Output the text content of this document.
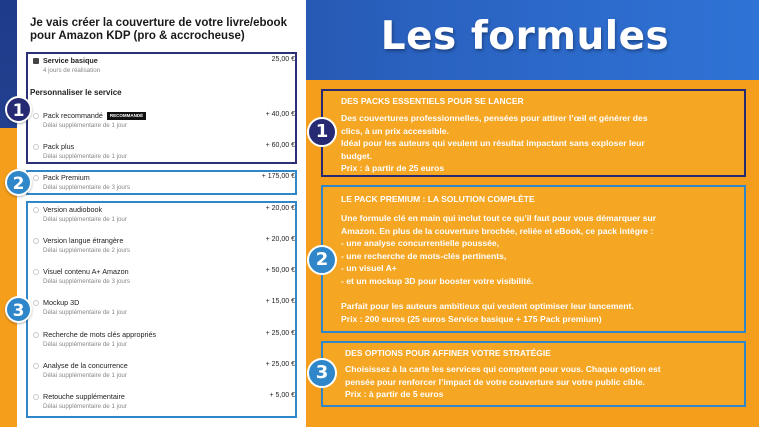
Les formules
Je vais créer la couverture de votre livre/ebook
pour Amazon KDP (pro & accrocheuse)
Service basique
4 jours de réalisation
25,00 €
Personnaliser le service
Pack recommandé RECOMMANDÉ
Délai supplémentaire de 1 jour
+ 40,00 €
Pack plus
Délai supplémentaire de 1 jour
+ 60,00 €
Pack Premium
Délai supplémentaire de 3 jours
+ 175,00 €
Version audiobook
Délai supplémentaire de 1 jour
+ 20,00 €
Version langue étrangère
Délai supplémentaire de 2 jours
+ 20,00 €
Visuel contenu A+ Amazon
Délai supplémentaire de 3 jours
+ 50,00 €
Mockup 3D
Délai supplémentaire de 1 jour
+ 15,00 €
Recherche de mots clés appropriés
Délai supplémentaire de 1 jour
+ 25,00 €
Analyse de la concurrence
Délai supplémentaire de 1 jour
+ 25,00 €
Retouche supplémentaire
Délai supplémentaire de 1 jour
+ 5,00 €
1
2
3
DES PACKS ESSENTIELS POUR SE LANCER

Des couvertures professionnelles, pensées pour attirer l’œil et générer des
clics, à un prix accessible.
Idéal pour les auteurs qui veulent un résultat impactant sans exploser leur
budget.
Prix : à partir de 25 euros

1
LE PACK PREMIUM : LA SOLUTION COMPLÈTE

Une formule clé en main qui inclut tout ce qu’il faut pour vous démarquer sur
Amazon. En plus de la couverture brochée, reliée et eBook, ce pack intègre :
- une analyse concurrentielle poussée,
- une recherche de mots-clés pertinents,
- un visuel A+
- et un mockup 3D pour booster votre visibilité.

Parfait pour les auteurs ambitieux qui veulent optimiser leur lancement.
Prix : 200 euros (25 euros Service basique + 175 Pack premium)

2
DES OPTIONS POUR AFFINER VOTRE STRATÉGIE

Choisissez à la carte les services qui comptent pour vous. Chaque option est
pensée pour renforcer l’impact de votre couverture sur votre public cible.
Prix : à partir de 5 euros

3
